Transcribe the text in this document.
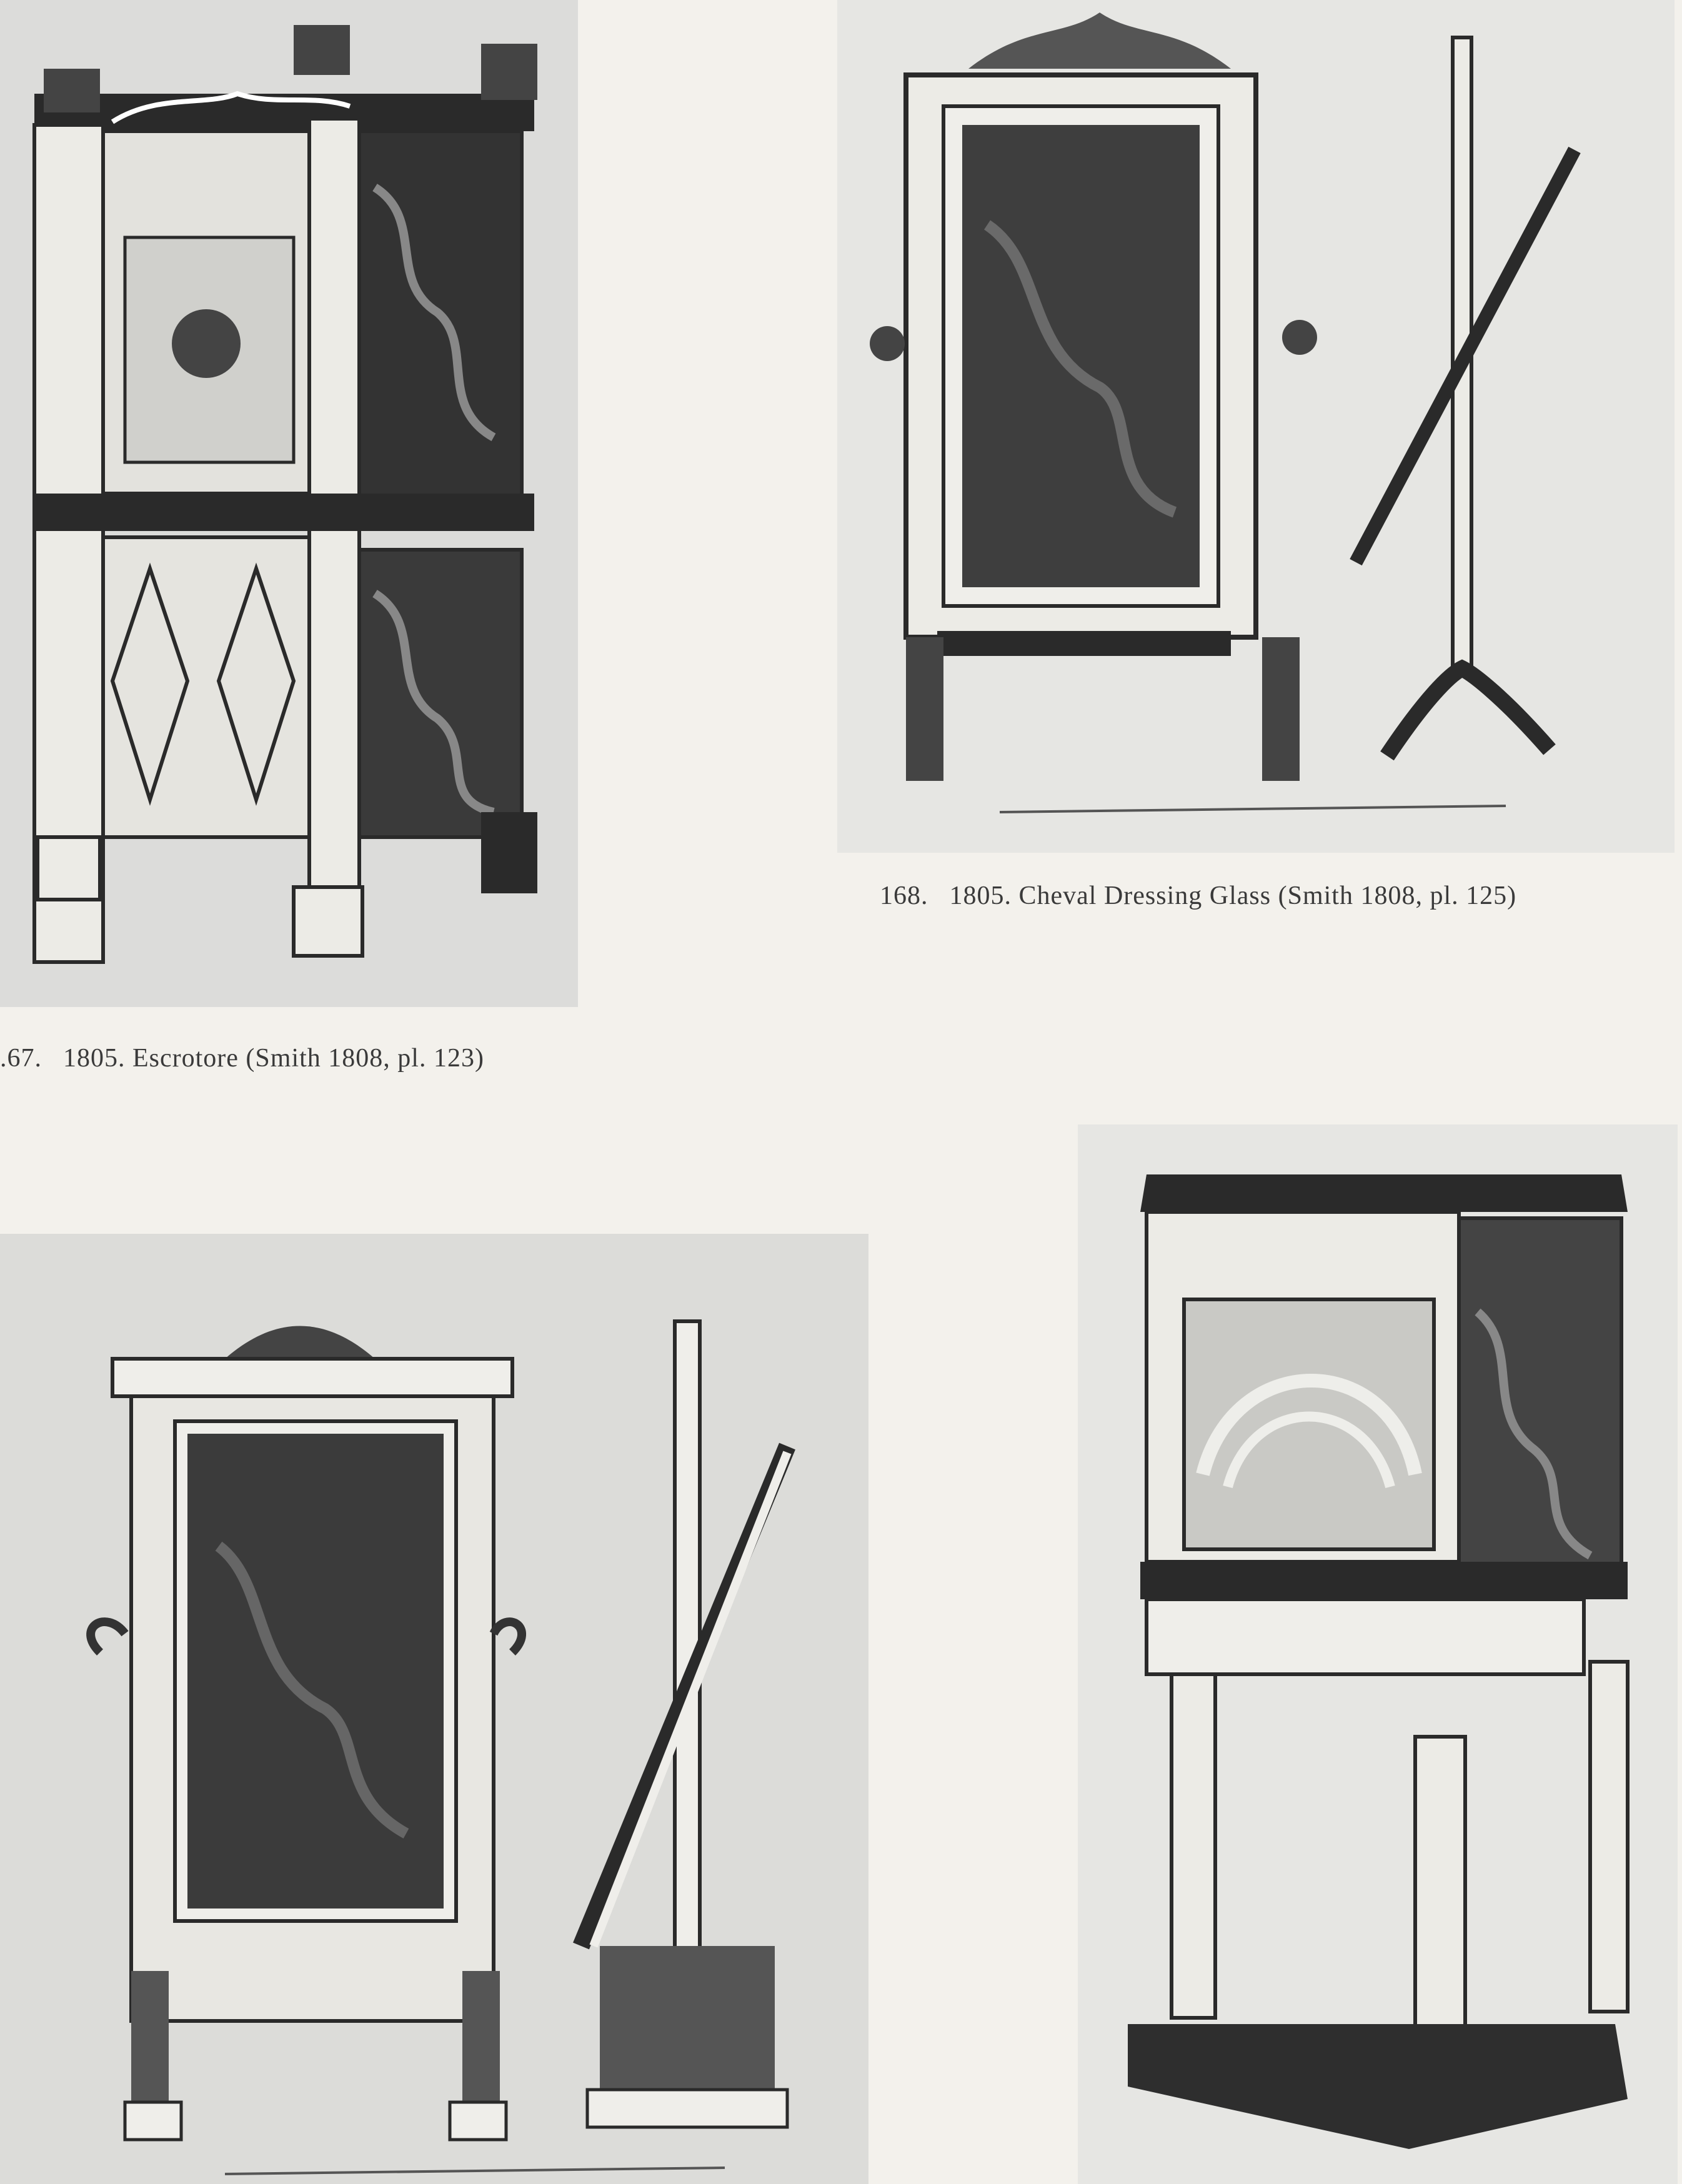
.67. 1805. Escrotore (Smith 1808, pl. 123)
168. 1805. Cheval Dressing Glass (Smith 1808, pl. 125)
